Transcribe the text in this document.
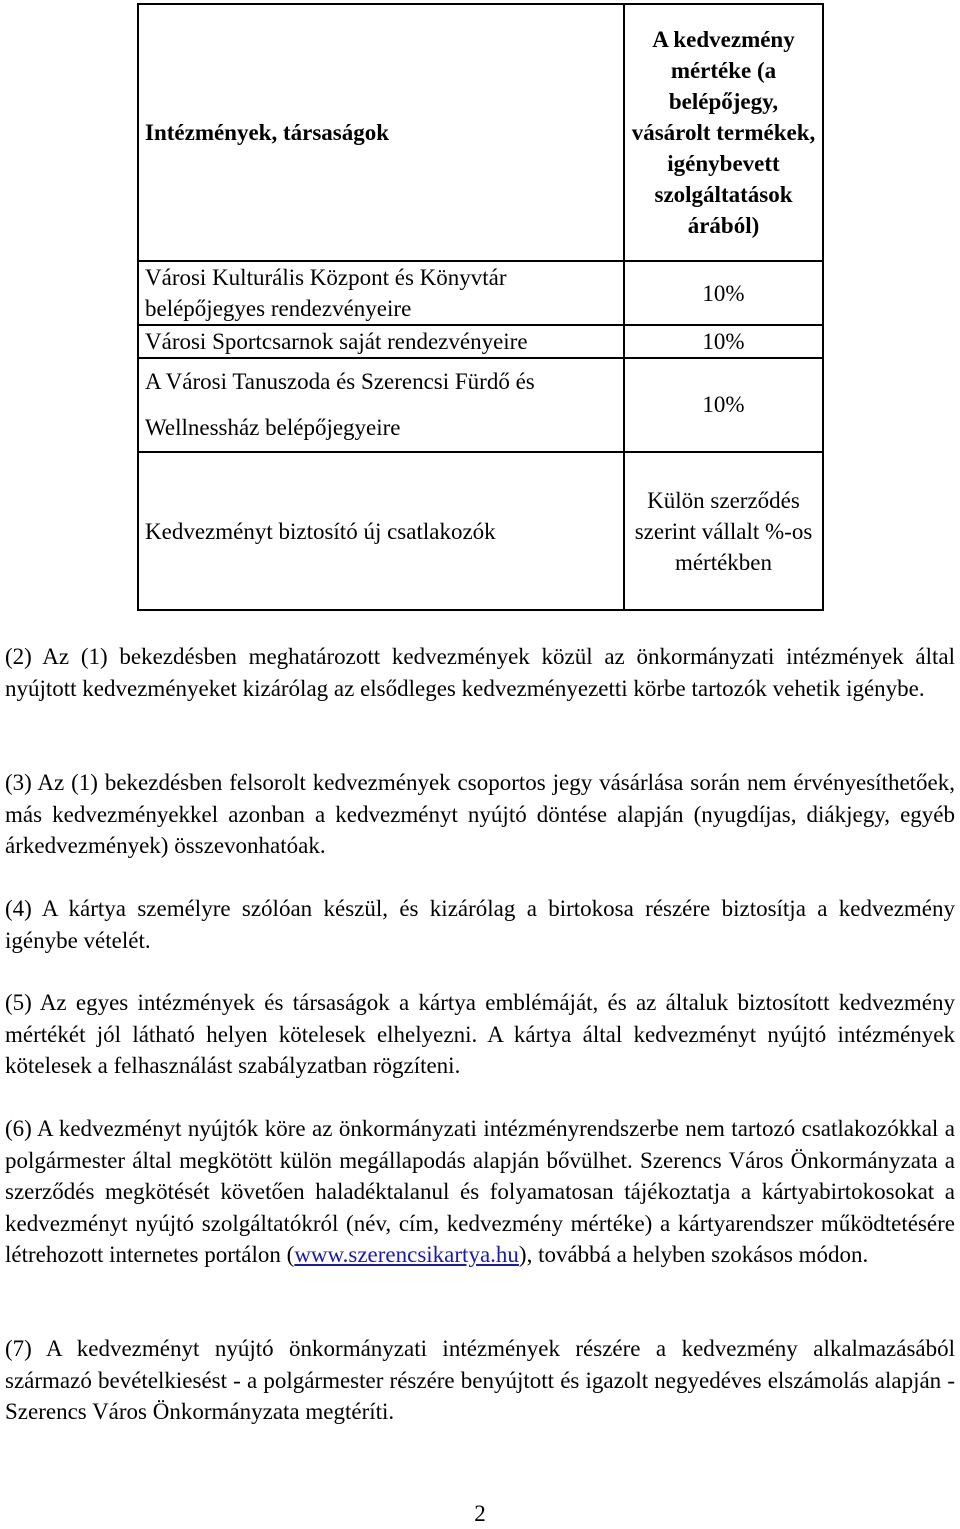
Intézmények, társaságok	A kedvezmény mértéke (a belépőjegy, vásárolt termékek, igénybevett szolgáltatások árából)
Városi Kulturális Központ és Könyvtár belépőjegyes rendezvényeire	10%
Városi Sportcsarnok saját rendezvényeire	10%
A Városi Tanuszoda és Szerencsi Fürdő és Wellnessház belépőjegyeire	10%
Kedvezményt biztosító új csatlakozók	Külön szerződés szerint vállalt %-os mértékben

(2) Az (1) bekezdésben meghatározott kedvezmények közül az önkormányzati intézmények által nyújtott kedvezményeket kizárólag az elsődleges kedvezményezetti körbe tartozók vehetik igénybe.

(3) Az (1) bekezdésben felsorolt kedvezmények csoportos jegy vásárlása során nem érvényesíthetőek, más kedvezményekkel azonban a kedvezményt nyújtó döntése alapján (nyugdíjas, diákjegy, egyéb árkedvezmények) összevonhatóak.

(4) A kártya személyre szólóan készül, és kizárólag a birtokosa részére biztosítja a kedvezmény igénybe vételét.

(5) Az egyes intézmények és társaságok a kártya emblémáját, és az általuk biztosított kedvezmény mértékét jól látható helyen kötelesek elhelyezni. A kártya által kedvezményt nyújtó intézmények kötelesek a felhasználást szabályzatban rögzíteni.

(6) A kedvezményt nyújtók köre az önkormányzati intézményrendszerbe nem tartozó csatlakozókkal a polgármester által megkötött külön megállapodás alapján bővülhet. Szerencs Város Önkormányzata a szerződés megkötését követően haladéktalanul és folyamatosan tájékoztatja a kártyabirtokosokat a kedvezményt nyújtó szolgáltatókról (név, cím, kedvezmény mértéke) a kártyarendszer működtetésére létrehozott internetes portálon (www.szerencsikartya.hu), továbbá a helyben szokásos módon.

(7) A kedvezményt nyújtó önkormányzati intézmények részére a kedvezmény alkalmazásából származó bevételkiesést - a polgármester részére benyújtott és igazolt negyedéves elszámolás alapján - Szerencs Város Önkormányzata megtéríti.

2
